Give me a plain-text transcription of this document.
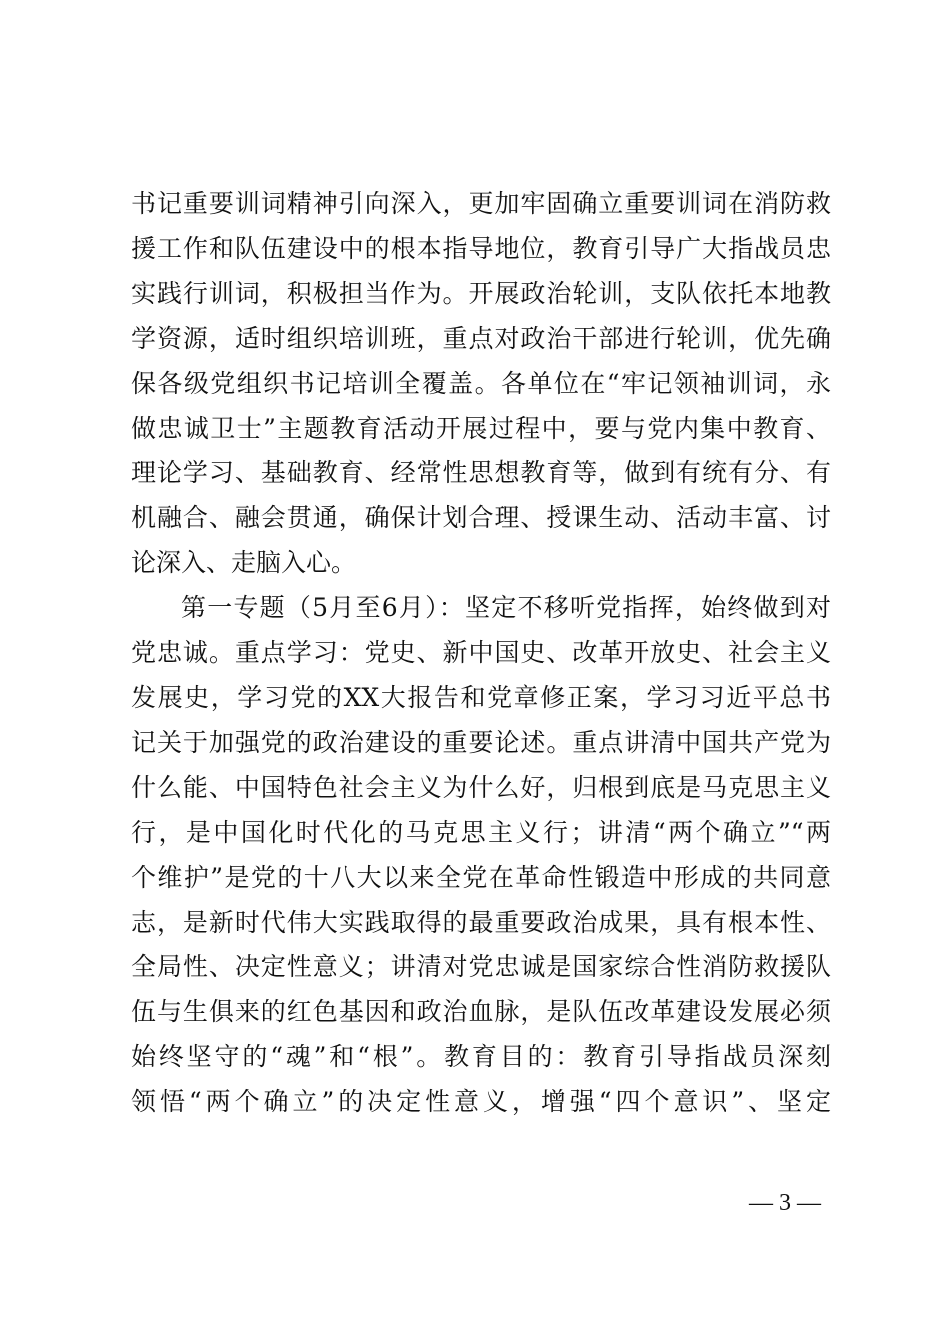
书记重要训词精神引向深入，更加牢固确立重要训词在消防救
援工作和队伍建设中的根本指导地位，教育引导广大指战员忠
实践行训词，积极担当作为。开展政治轮训，支队依托本地教
学资源，适时组织培训班，重点对政治干部进行轮训，优先确
保各级党组织书记培训全覆盖。各单位在“牢记领袖训词，永
做忠诚卫士”主题教育活动开展过程中，要与党内集中教育、
理论学习、基础教育、经常性思想教育等，做到有统有分、有
机融合、融会贯通，确保计划合理、授课生动、活动丰富、讨
论深入、走脑入心。
第一专题（5月至6月）：坚定不移听党指挥，始终做到对
党忠诚。重点学习：党史、新中国史、改革开放史、社会主义
发展史，学习党的XX大报告和党章修正案，学习习近平总书
记关于加强党的政治建设的重要论述。重点讲清中国共产党为
什么能、中国特色社会主义为什么好，归根到底是马克思主义
行，是中国化时代化的马克思主义行；讲清“两个确立”“两
个维护”是党的十八大以来全党在革命性锻造中形成的共同意
志，是新时代伟大实践取得的最重要政治成果，具有根本性、
全局性、决定性意义；讲清对党忠诚是国家综合性消防救援队
伍与生俱来的红色基因和政治血脉，是队伍改革建设发展必须
始终坚守的“魂”和“根”。教育目的：教育引导指战员深刻
领悟“两个确立”的决定性意义，增强“四个意识”、坚定
— 3 —
